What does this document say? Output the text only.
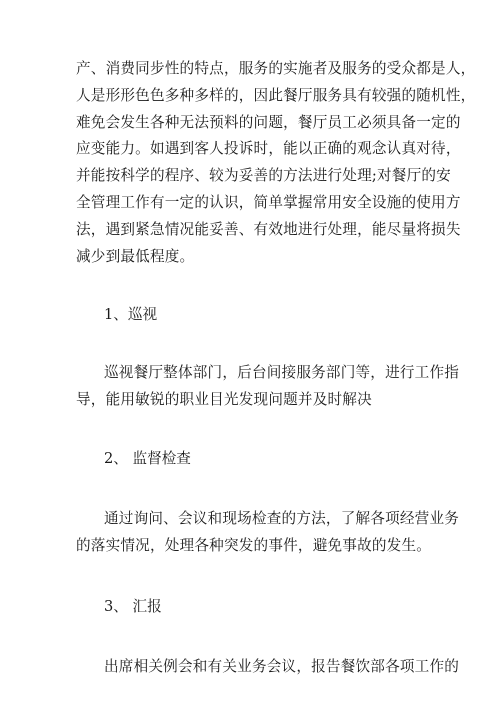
产、消费同步性的特点，服务的实施者及服务的受众都是人，
人是形形色色多种多样的，因此餐厅服务具有较强的随机性，
难免会发生各种无法预料的问题，餐厅员工必须具备一定的
应变能力。如遇到客人投诉时，能以正确的观念认真对待，
并能按科学的程序、较为妥善的方法进行处理;对餐厅的安
全管理工作有一定的认识，简单掌握常用安全设施的使用方
法，遇到紧急情况能妥善、有效地进行处理，能尽量将损失
减少到最低程度。

1、巡视

巡视餐厅整体部门，后台间接服务部门等，进行工作指
导，能用敏锐的职业目光发现问题并及时解决

2、 监督检查

通过询问、会议和现场检查的方法，了解各项经营业务
的落实情况，处理各种突发的事件，避免事故的发生。

3、 汇报

出席相关例会和有关业务会议，报告餐饮部各项工作的
